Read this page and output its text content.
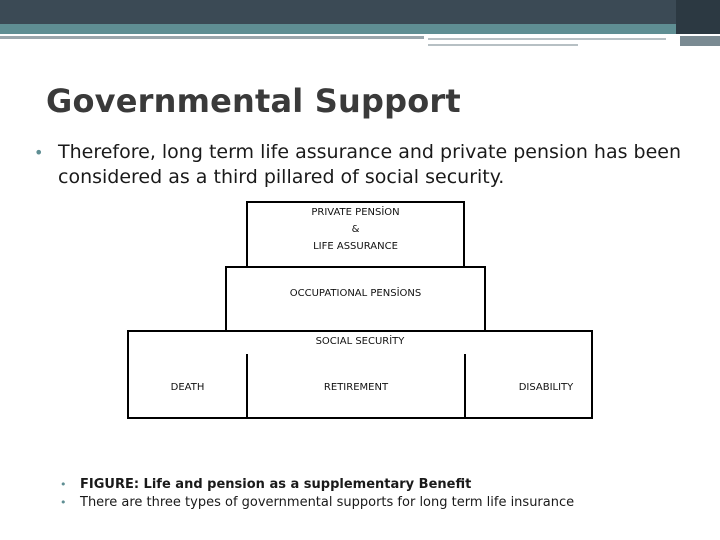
Governmental Support
• Therefore, long term life assurance and private pension has been considered as a third pillared of social security.
PRIVATE PENSİON
&
LIFE ASSURANCE
OCCUPATIONAL PENSİONS
SOCIAL SECURİTY
DEATH	RETIREMENT	DISABILITY
• FIGURE: Life and pension as a supplementary Benefit
• There are three types of governmental supports for long term life insurance
